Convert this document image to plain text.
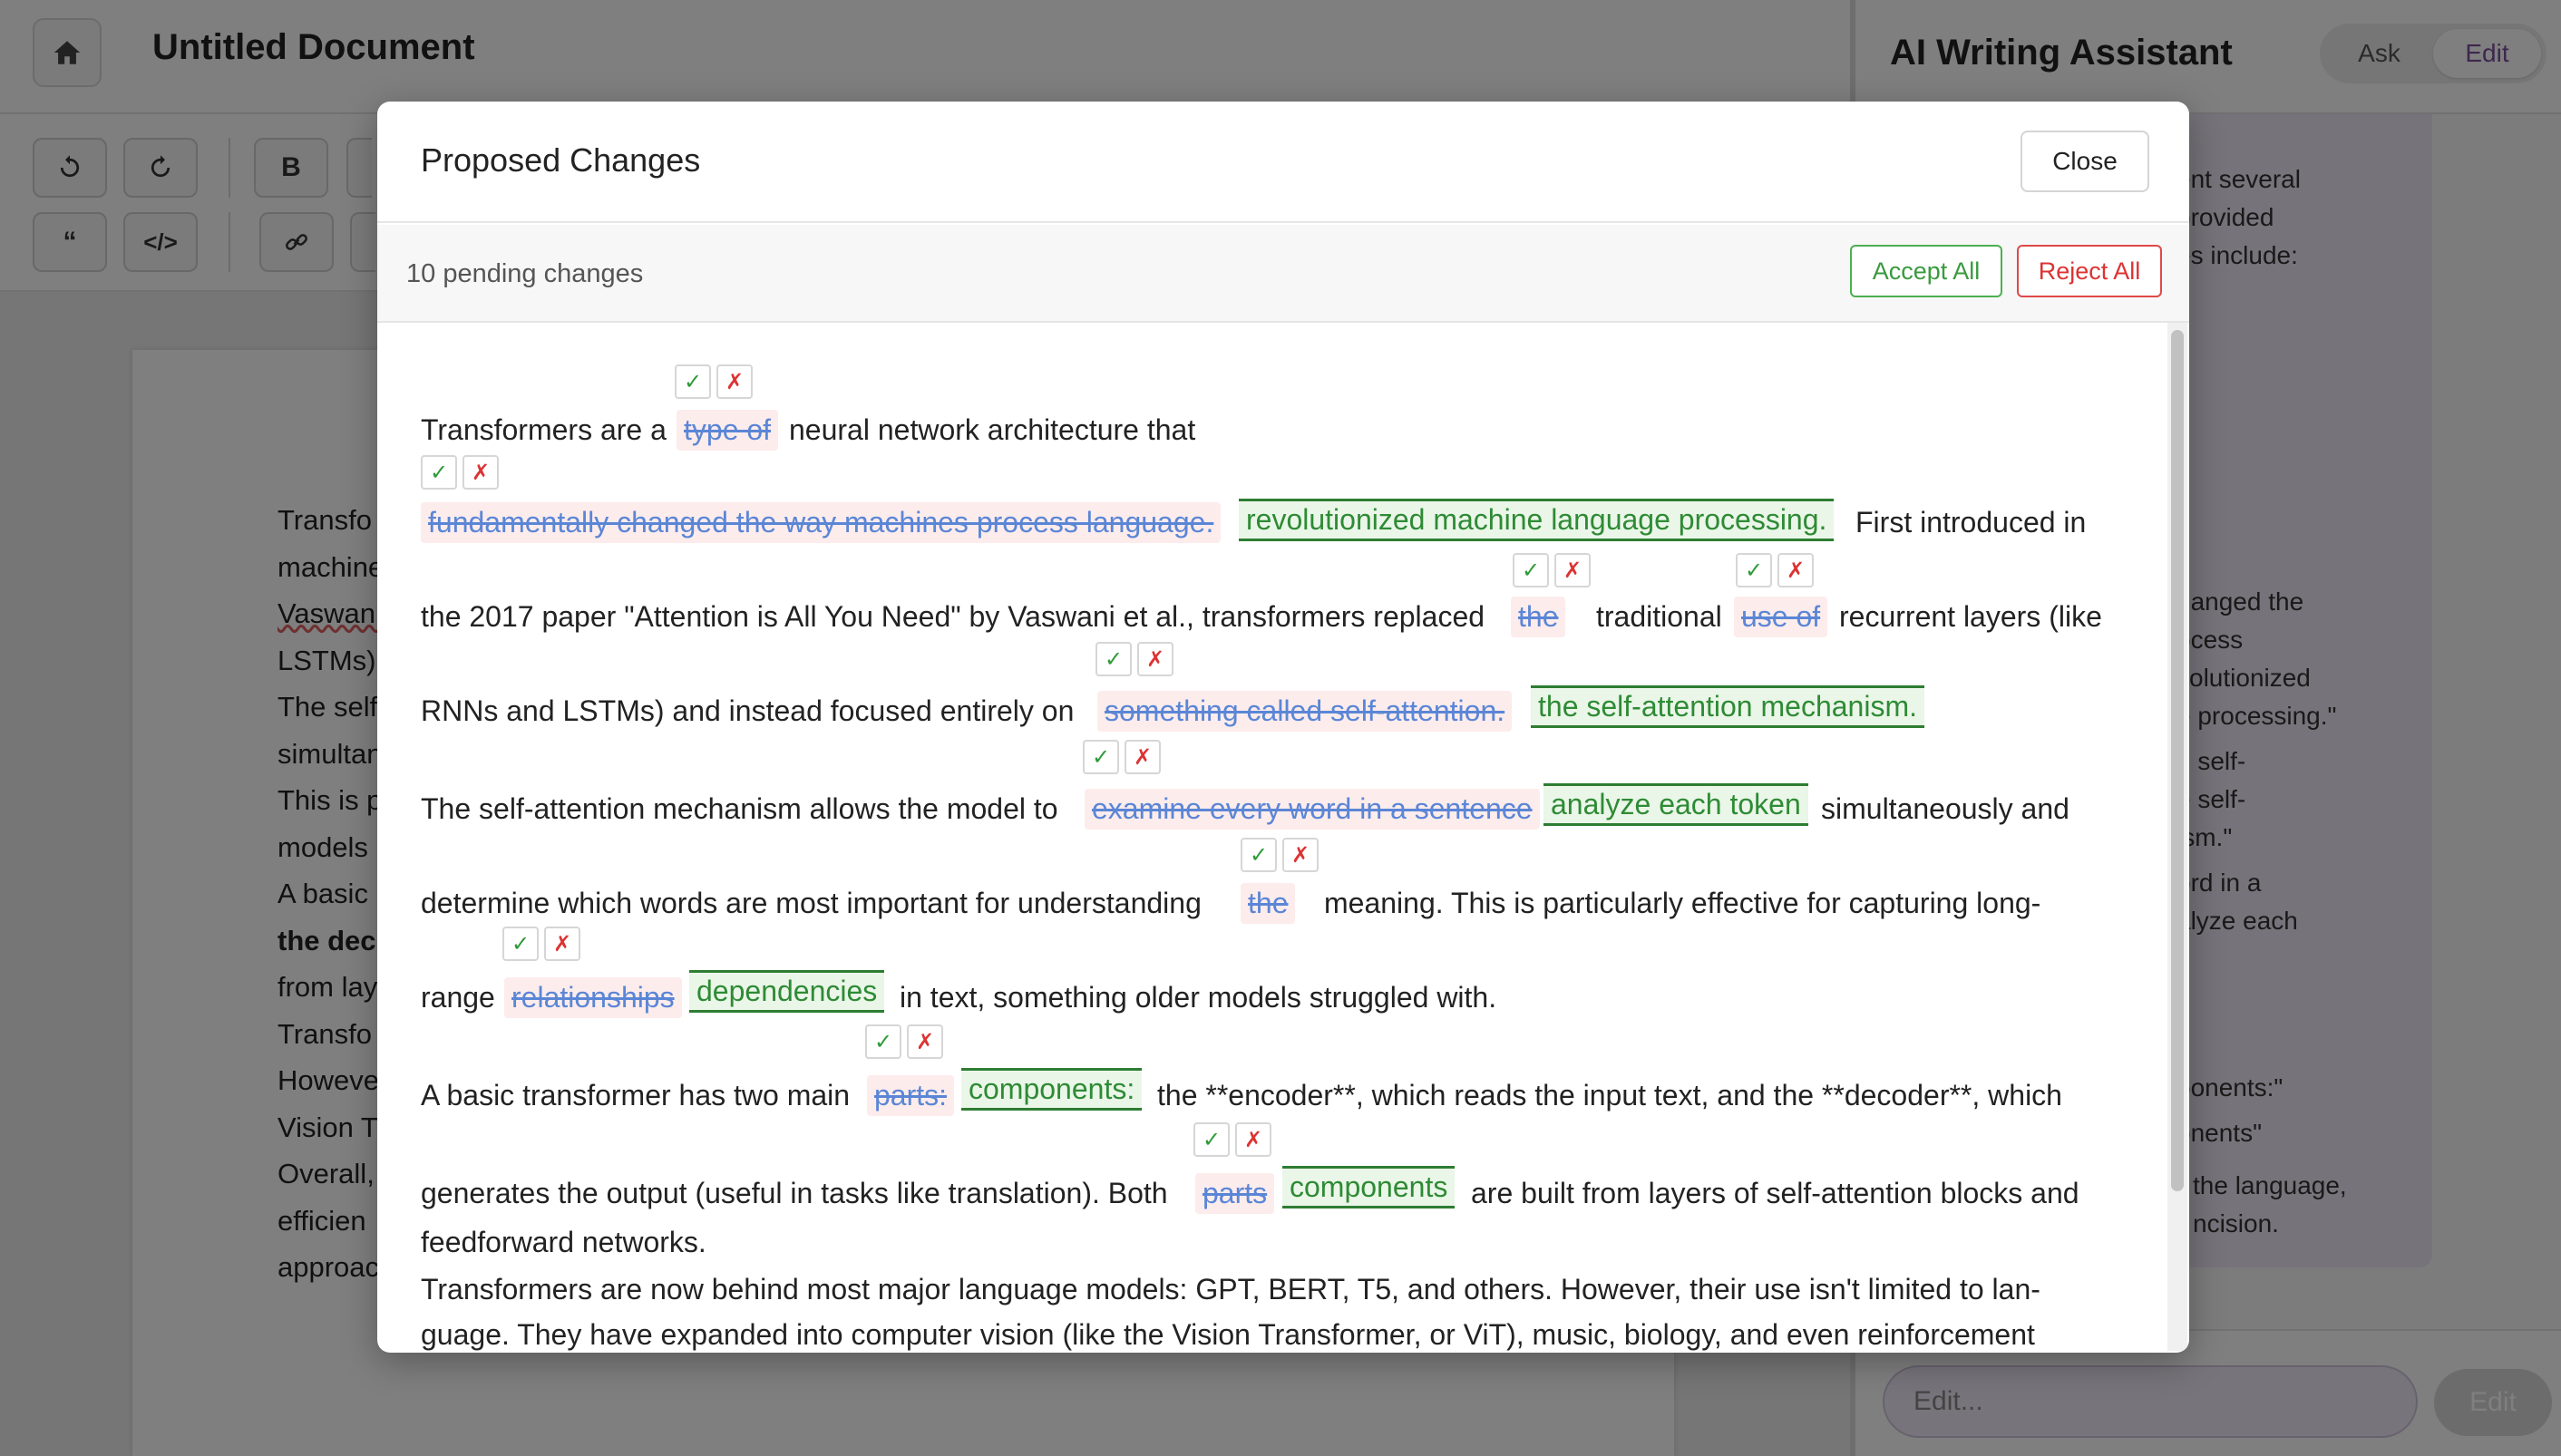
Edit...
Proposed Changes	Close
10 pending changes	Accept All	Reject All
✓	✗
Transformers are a type of neural network architecture that
✓	✗
fundamentally changed the way machines process language. revolutionized machine language processing. First introduced in
✓	✗	✓	✗
the 2017 paper "Attention is All You Need" by Vaswani et al., transformers replaced the traditional use of recurrent layers (like
✓	✗
RNNs and LSTMs) and instead focused entirely on something called self-attention. the self-attention mechanism.
✓	✗
The self-attention mechanism allows the model to examine every word in a sentence analyze each token simultaneously and
✓	✗
determine which words are most important for understanding the meaning. This is particularly effective for capturing long-
✓	✗
range relationships dependencies in text, something older models struggled with.
✓	✗
A basic transformer has two main parts: components: the **encoder**, which reads the input text, and the **decoder**, which
✓	✗
generates the output (useful in tasks like translation). Both parts components are built from layers of self-attention blocks and
feedforward networks.
Transformers are now behind most major language models: GPT, BERT, T5, and others. However, their use isn't limited to lan-
guage. They have expanded into computer vision (like the Vision Transformer, or ViT), music, biology, and even reinforcement
